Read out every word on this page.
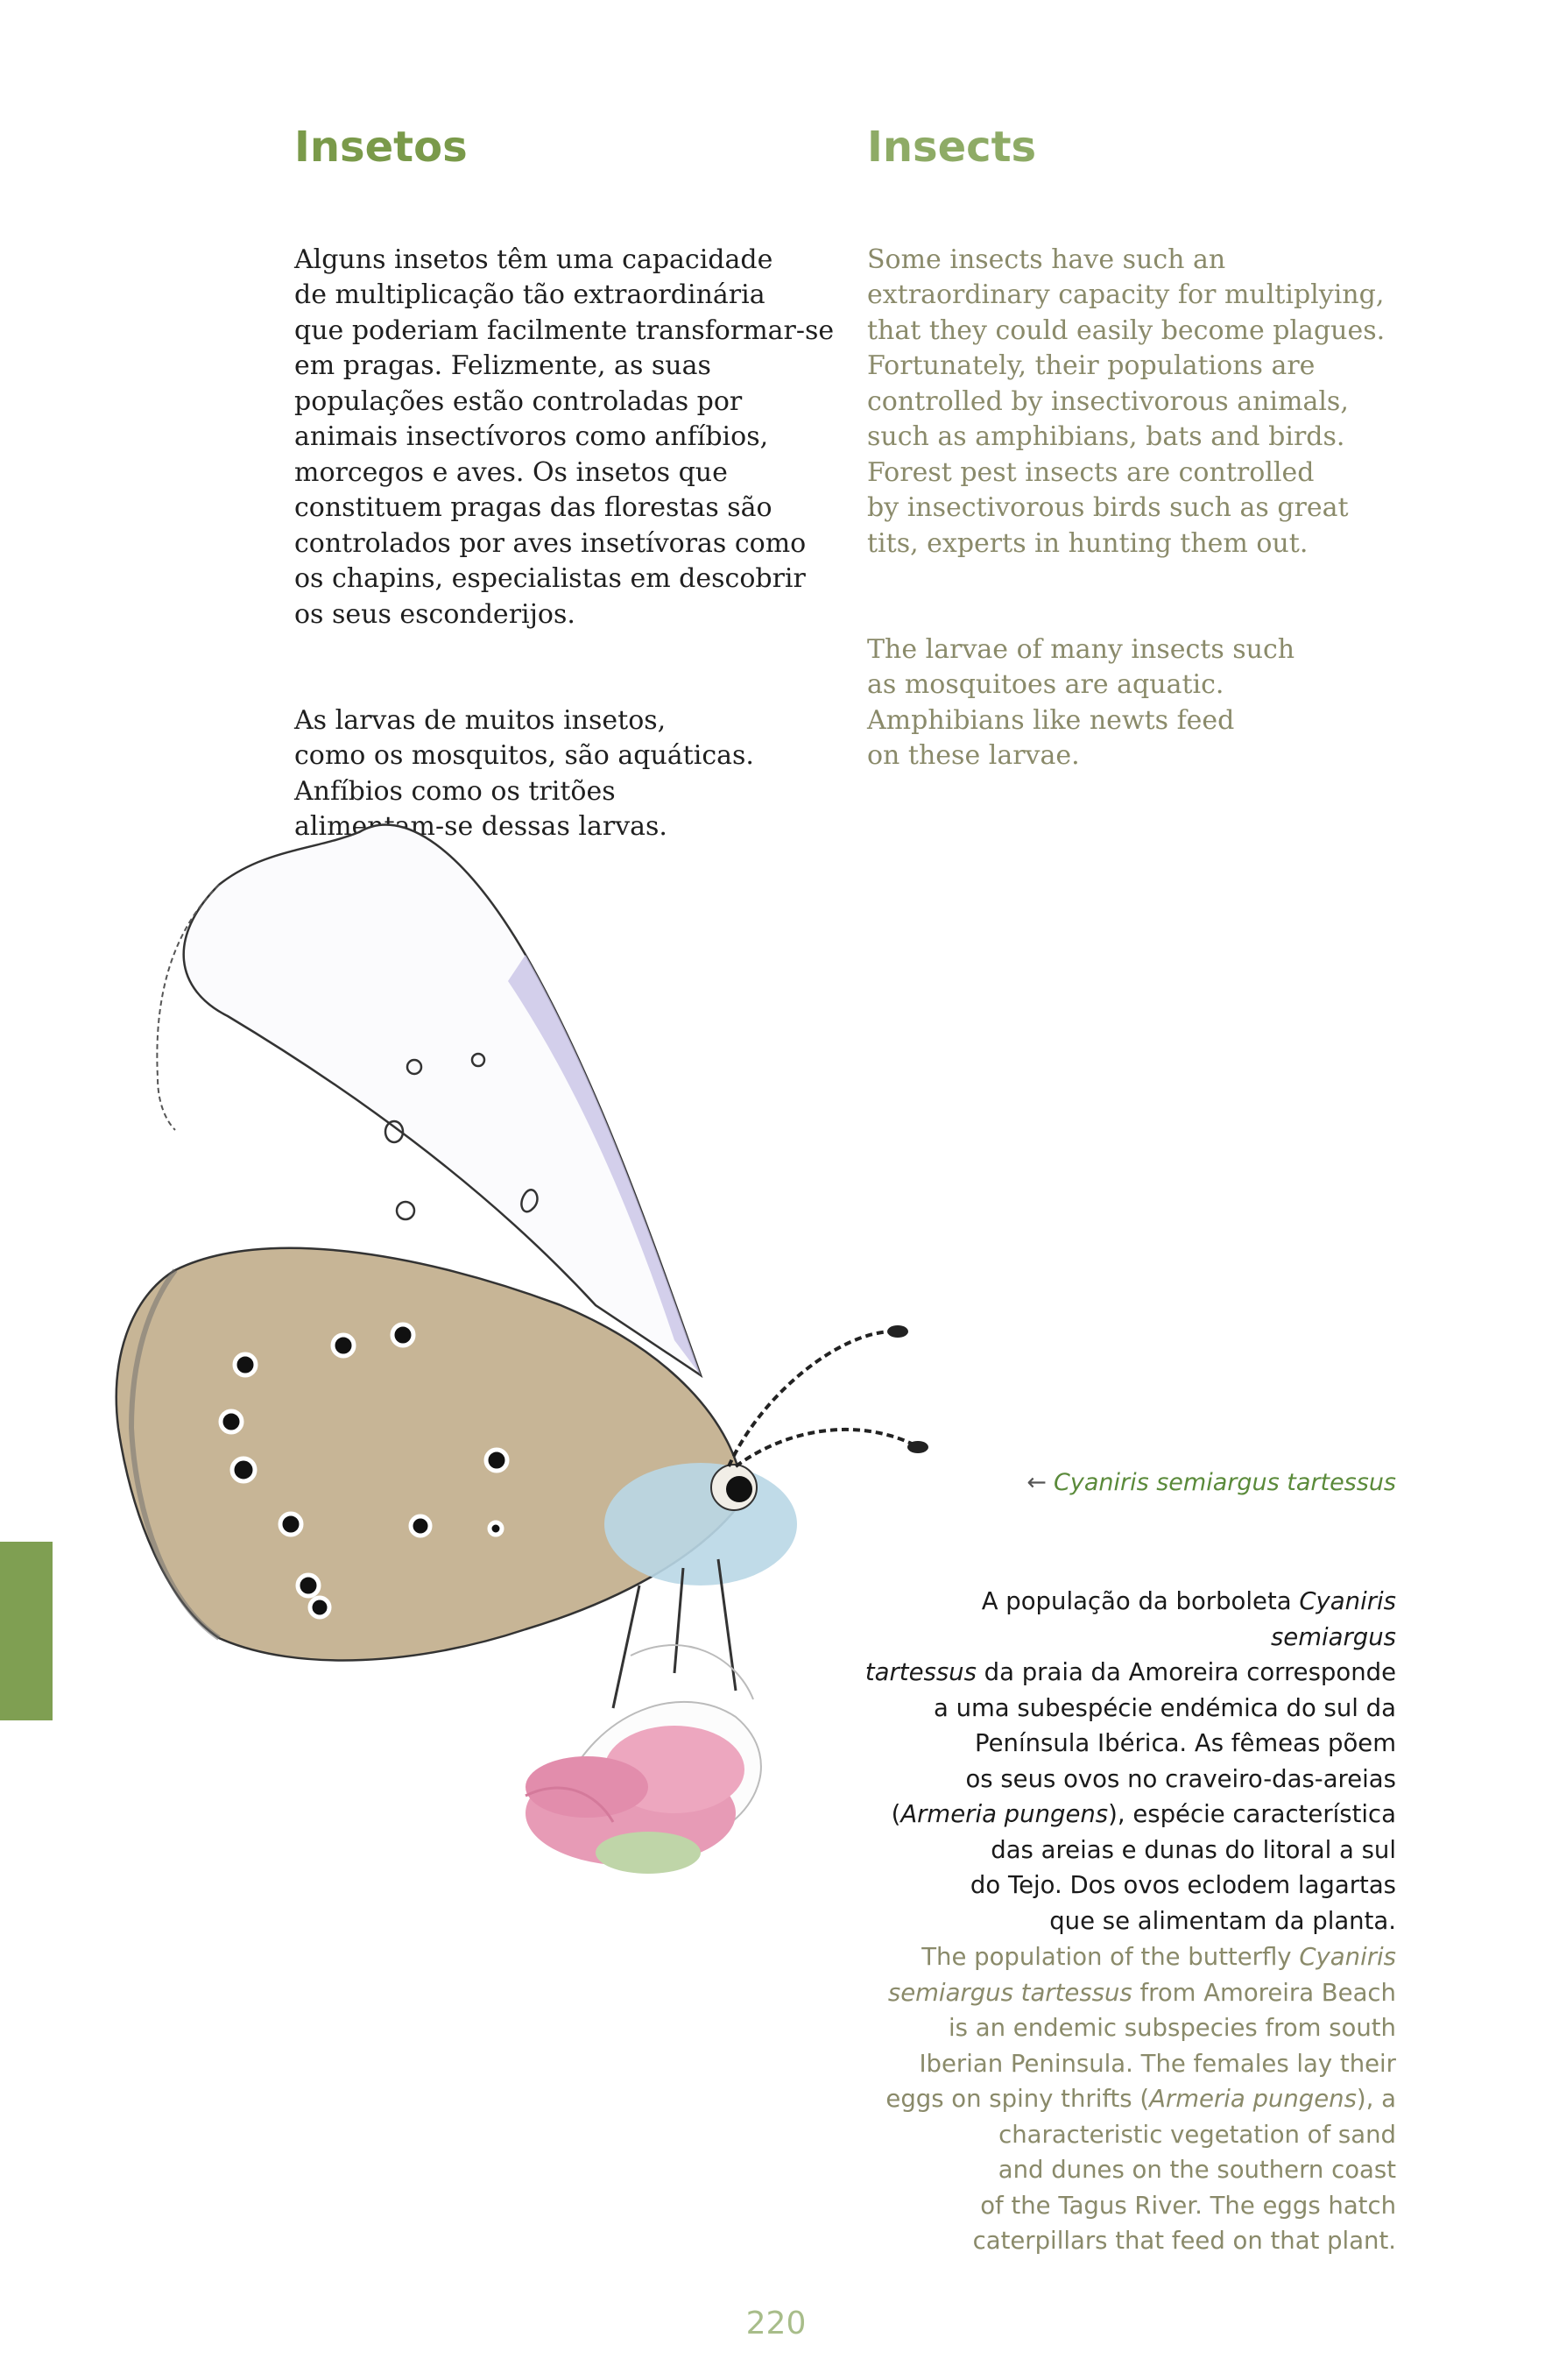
Insetos	Insects

Alguns insetos têm uma capacidade
de multiplicação tão extraordinária
que poderiam facilmente transformar-se
em pragas. Felizmente, as suas
populações estão controladas por
animais insectívoros como anfíbios,
morcegos e aves. Os insetos que
constituem pragas das florestas são
controlados por aves insetívoras como
os chapins, especialistas em descobrir
os seus esconderijos.

As larvas de muitos insetos,
como os mosquitos, são aquáticas.
Anfíbios como os tritões
dessas larvas.

Some insects have such an
extraordinary capacity for multiplying,
that they could easily become plagues.
Fortunately, their populations are
controlled by insectivorous animals,
such as amphibians, bats and birds.
Forest pest insects are controlled
by insectivorous birds such as great
tits, experts in hunting them out.

The larvae of many insects such
as mosquitoes are aquatic.
Amphibians like newts feed
on these larvae.

← Cyaniris semiargus tartessus

A população da borboleta Cyaniris semiargus
tartessus da praia da Amoreira corresponde
a uma subespécie endémica do sul da
Península Ibérica. As fêmeas põem
os seus ovos no craveiro-das-areias
(Armeria pungens), espécie característica
das areias e dunas do litoral a sul
do Tejo. Dos ovos eclodem lagartas
que se alimentam da planta.

The population of the butterfly Cyaniris
semiargus tartessus from Amoreira Beach
is an endemic subspecies from south
Iberian Peninsula. The females lay their
eggs on spiny thrifts (Armeria pungens), a
characteristic vegetation of sand
and dunes on the southern coast
of the Tagus River. The eggs hatch
caterpillars that feed on that plant.

220
